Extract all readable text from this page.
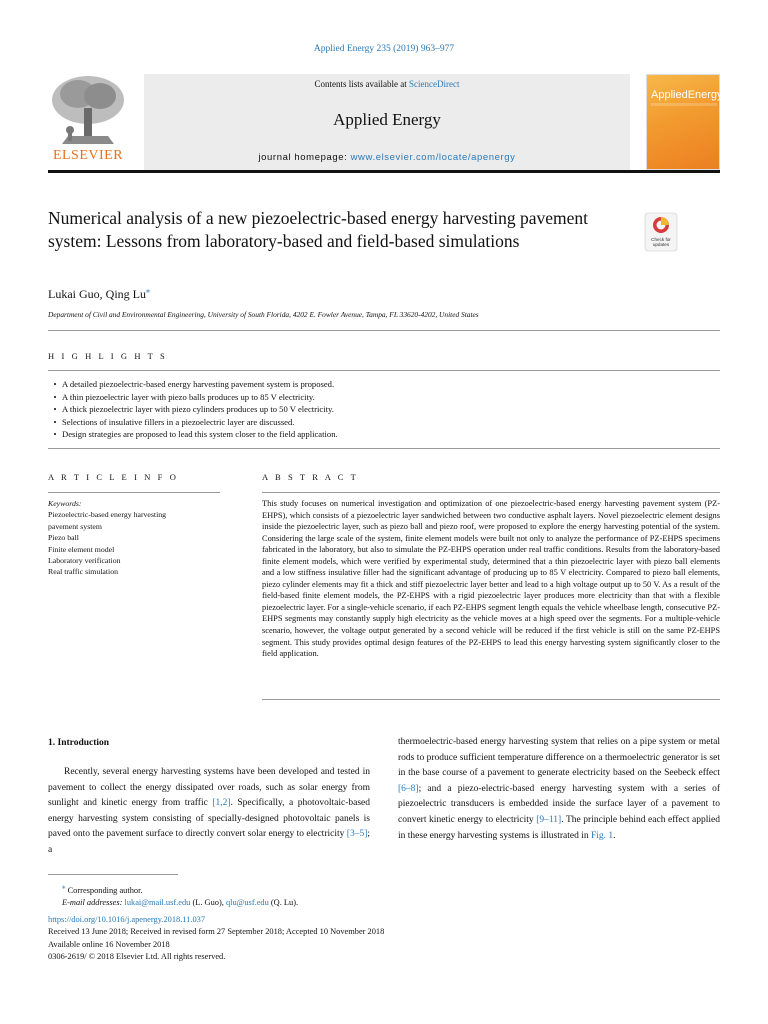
Applied Energy 235 (2019) 963–977
ELSEVIER
Contents lists available at ScienceDirect
Applied Energy
journal homepage: www.elsevier.com/locate/apenergy
AppliedEnergy
Numerical analysis of a new piezoelectric-based energy harvesting pavement system: Lessons from laboratory-based and field-based simulations	Check for
updates
Lukai Guo, Qing Lu⁎
Department of Civil and Environmental Engineering, University of South Florida, 4202 E. Fowler Avenue, Tampa, FL 33620-4202, United States
H I G H L I G H T S
• A detailed piezoelectric-based energy harvesting pavement system is proposed.
• A thin piezoelectric layer with piezo balls produces up to 85 V electricity.
• A thick piezoelectric layer with piezo cylinders produces up to 50 V electricity.
• Selections of insulative fillers in a piezoelectric layer are discussed.
• Design strategies are proposed to lead this system closer to the field application.
A R T I C L E I N F O
Keywords:
Piezoelectric-based energy harvesting
pavement system
Piezo ball
Finite element model
Laboratory verification
Real traffic simulation
A B S T R A C T
This study focuses on numerical investigation and optimization of one piezoelectric-based energy harvesting pavement system (PZ-EHPS), which consists of a piezoelectric layer sandwiched between two conductive asphalt layers. Novel piezoelectric element designs inside the piezoelectric layer, such as piezo ball and piezo roof, were proposed to explore the energy harvesting potential of the system. Considering the large scale of the system, finite element models were built not only to analyze the performance of PZ-EHPS specimens fabricated in the laboratory, but also to simulate the PZ-EHPS operation under real traffic conditions. Results from the laboratory-based finite element models, which were verified by experimental study, determined that a thin piezoelectric layer with piezo ball elements and a low stiffness insulative filler had the significant advantage of producing up to 85 V electricity. Compared to piezo ball elements, piezo cylinder elements may fit a thick and stiff piezoelectric layer better and lead to a high voltage output up to 50 V. As a result of the field-based finite element models, the PZ-EHPS with a rigid piezoelectric layer produces more electricity than that with a flexible piezoelectric layer. For a single-vehicle scenario, if each PZ-EHPS segment length equals the vehicle wheelbase length, consecutive PZ-EHPS segments may constantly supply high electricity as the vehicle moves at a high speed over the segments. For a multiple-vehicle scenario, however, the voltage output generated by a second vehicle will be reduced if the first vehicle is still on the same PZ-EHPS segment. This study provides optimal design features of the PZ-EHPS to lead this energy harvesting system significantly closer to the field application.
1. Introduction
Recently, several energy harvesting systems have been developed and tested in pavement to collect the energy dissipated over roads, such as solar energy from sunlight and kinetic energy from traffic [1,2]. Specifically, a photovoltaic-based energy harvesting system consisting of specially-designed photovoltaic panels is paved onto the pavement surface to directly convert solar energy to electricity [3–5]; a
thermoelectric-based energy harvesting system that relies on a pipe system or metal rods to produce sufficient temperature difference on a thermoelectric generator is set in the base course of a pavement to generate electricity based on the Seebeck effect [6–8]; and a piezo-electric-based energy harvesting system with a series of piezoelectric transducers is embedded inside the surface layer of a pavement to convert kinetic energy to electricity [9–11]. The principle behind each effect applied in these energy harvesting systems is illustrated in Fig. 1.
⁎ Corresponding author.
E-mail addresses: lukai@mail.usf.edu (L. Guo), qlu@usf.edu (Q. Lu).
https://doi.org/10.1016/j.apenergy.2018.11.037
Received 13 June 2018; Received in revised form 27 September 2018; Accepted 10 November 2018
Available online 16 November 2018
0306-2619/ © 2018 Elsevier Ltd. All rights reserved.
